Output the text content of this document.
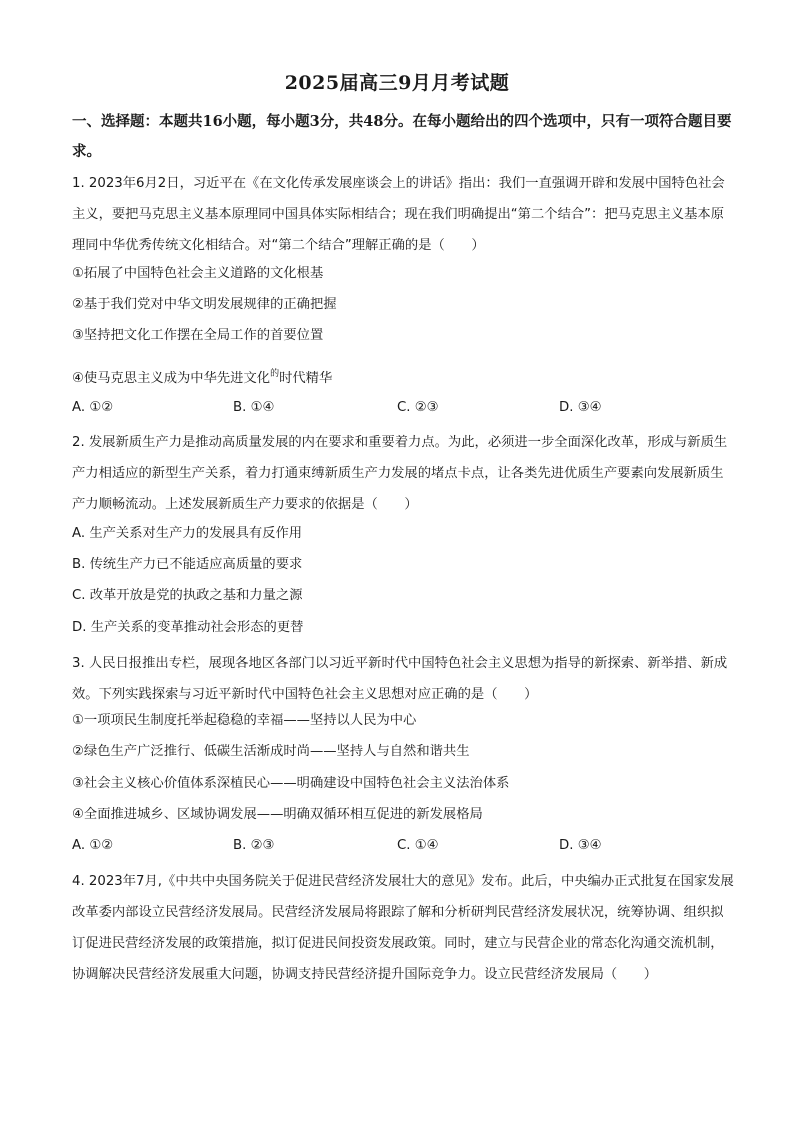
2025届高三9月月考试题
一、选择题：本题共16小题，每小题3分，共48分。在每小题给出的四个选项中，只有一项符合题目要求。
1. 2023年6月2日，习近平在《在文化传承发展座谈会上的讲话》指出：我们一直强调开辟和发展中国特色社会主义，要把马克思主义基本原理同中国具体实际相结合；现在我们明确提出“第二个结合”：把马克思主义基本原理同中华优秀传统文化相结合。对“第二个结合”理解正确的是（　　）
①拓展了中国特色社会主义道路的文化根基
②基于我们党对中华文明发展规律的正确把握
③坚持把文化工作摆在全局工作的首要位置
④使马克思主义成为中华先进文化$^的$时代精华
A. ①②	B. ①④	C. ②③	D. ③④
2. 发展新质生产力是推动高质量发展的内在要求和重要着力点。为此，必须进一步全面深化改革，形成与新质生产力相适应的新型生产关系，着力打通束缚新质生产力发展的堵点卡点，让各类先进优质生产要素向发展新质生产力顺畅流动。上述发展新质生产力要求的依据是（　　）
A. 生产关系对生产力的发展具有反作用
B. 传统生产力已不能适应高质量的要求
C. 改革开放是党的执政之基和力量之源
D. 生产关系的变革推动社会形态的更替
3. 人民日报推出专栏，展现各地区各部门以习近平新时代中国特色社会主义思想为指导的新探索、新举措、新成效。下列实践探索与习近平新时代中国特色社会主义思想对应正确的是（　　）
①一项项民生制度托举起稳稳的幸福——坚持以人民为中心
②绿色生产广泛推行、低碳生活渐成时尚——坚持人与自然和谐共生
③社会主义核心价值体系深植民心——明确建设中国特色社会主义法治体系
④全面推进城乡、区域协调发展——明确双循环相互促进的新发展格局
A. ①②	B. ②③	C. ①④	D. ③④
4. 2023年7月,《中共中央国务院关于促进民营经济发展壮大的意见》发布。此后，中央编办正式批复在国家发展改革委内部设立民营经济发展局。民营经济发展局将跟踪了解和分析研判民营经济发展状况，统筹协调、组织拟订促进民营经济发展的政策措施，拟订促进民间投资发展政策。同时，建立与民营企业的常态化沟通交流机制，协调解决民营经济发展重大问题，协调支持民营经济提升国际竞争力。设立民营经济发展局（　　）
